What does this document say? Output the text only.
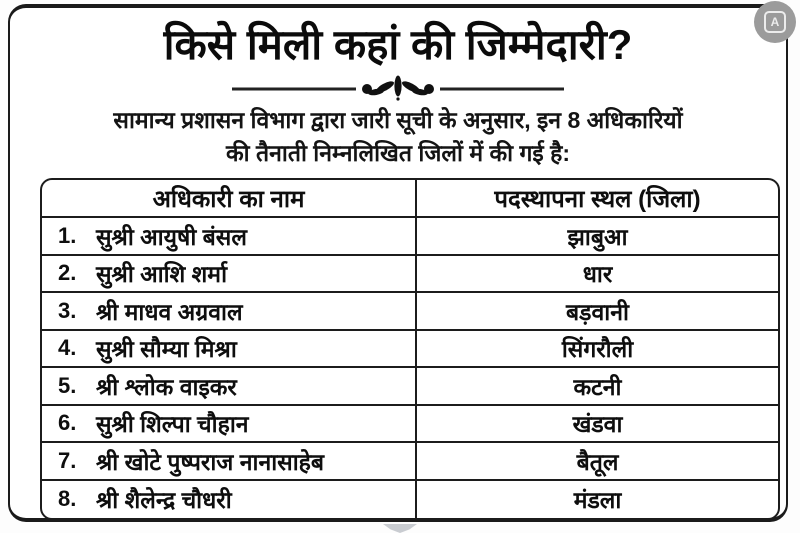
किसे मिली कहां की जिम्मेदारी?
सामान्य प्रशासन विभाग द्वारा जारी सूची के अनुसार, इन 8 अधिकारियों
की तैनाती निम्नलिखित जिलों में की गई है:
अधिकारी का नाम	पदस्थापना स्थल (जिला)
1. सुश्री आयुषी बंसल	झाबुआ
2. सुश्री आशि शर्मा	धार
3. श्री माधव अग्रवाल	बड़वानी
4. सुश्री सौम्या मिश्रा	सिंगरौली
5. श्री श्लोक वाइकर	कटनी
6. सुश्री शिल्पा चौहान	खंडवा
7. श्री खोटे पुष्पराज नानासाहेब	बैतूल
8. श्री शैलेन्द्र चौधरी	मंडला
A
